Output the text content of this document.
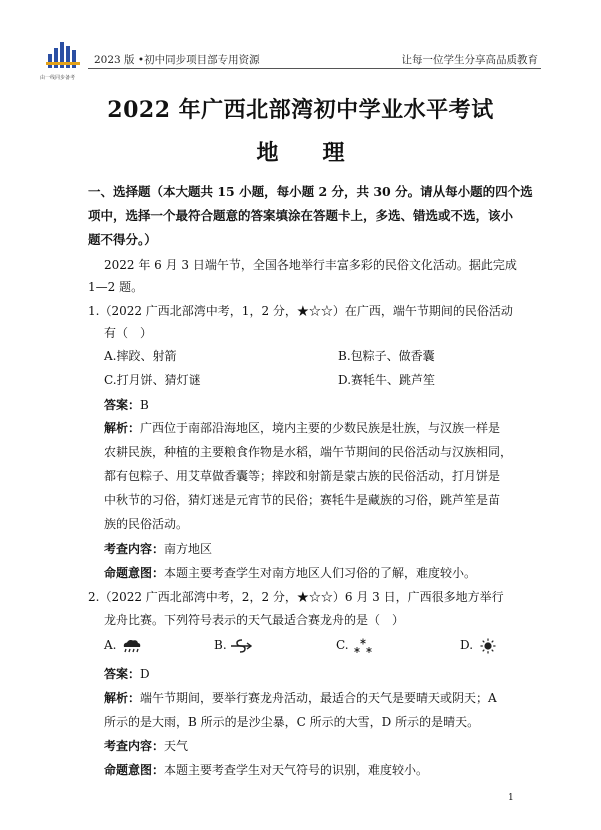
由一线同步备考
2023 版 •初中同步项目部专用资源	让每一位学生分享高品质教育
2022 年广西北部湾初中学业水平考试
地　　理
一、选择题（本大题共 15 小题，每小题 2 分，共 30 分。请从每小题的四个选
项中，选择一个最符合题意的答案填涂在答题卡上，多选、错选或不选，该小
题不得分。）
2022 年 6 月 3 日端午节，全国各地举行丰富多彩的民俗文化活动。据此完成
1—2 题。
1.（2022 广西北部湾中考，1，2 分，★☆☆）在广西，端午节期间的民俗活动
有（　）
A.摔跤、射箭	B.包粽子、做香囊
C.打月饼、猜灯谜	D.赛牦牛、跳芦笙
答案：B
解析：广西位于南部沿海地区，境内主要的少数民族是壮族，与汉族一样是
农耕民族，种植的主要粮食作物是水稻，端午节期间的民俗活动与汉族相同，
都有包粽子、用艾草做香囊等；摔跤和射箭是蒙古族的民俗活动，打月饼是
中秋节的习俗，猜灯迷是元宵节的民俗；赛牦牛是藏族的习俗，跳芦笙是苗
族的民俗活动。
考查内容：南方地区
命题意图：本题主要考查学生对南方地区人们习俗的了解，难度较小。
2.（2022 广西北部湾中考，2，2 分，★☆☆）6 月 3 日，广西很多地方举行
龙舟比赛。下列符号表示的天气最适合赛龙舟的是（　）
A.	B.	C.	D.
答案：D
解析：端午节期间，要举行赛龙舟活动，最适合的天气是要晴天或阴天；A
所示的是大雨，B 所示的是沙尘暴，C 所示的大雪，D 所示的是晴天。
考查内容：天气
命题意图：本题主要考查学生对天气符号的识别，难度较小。
1
